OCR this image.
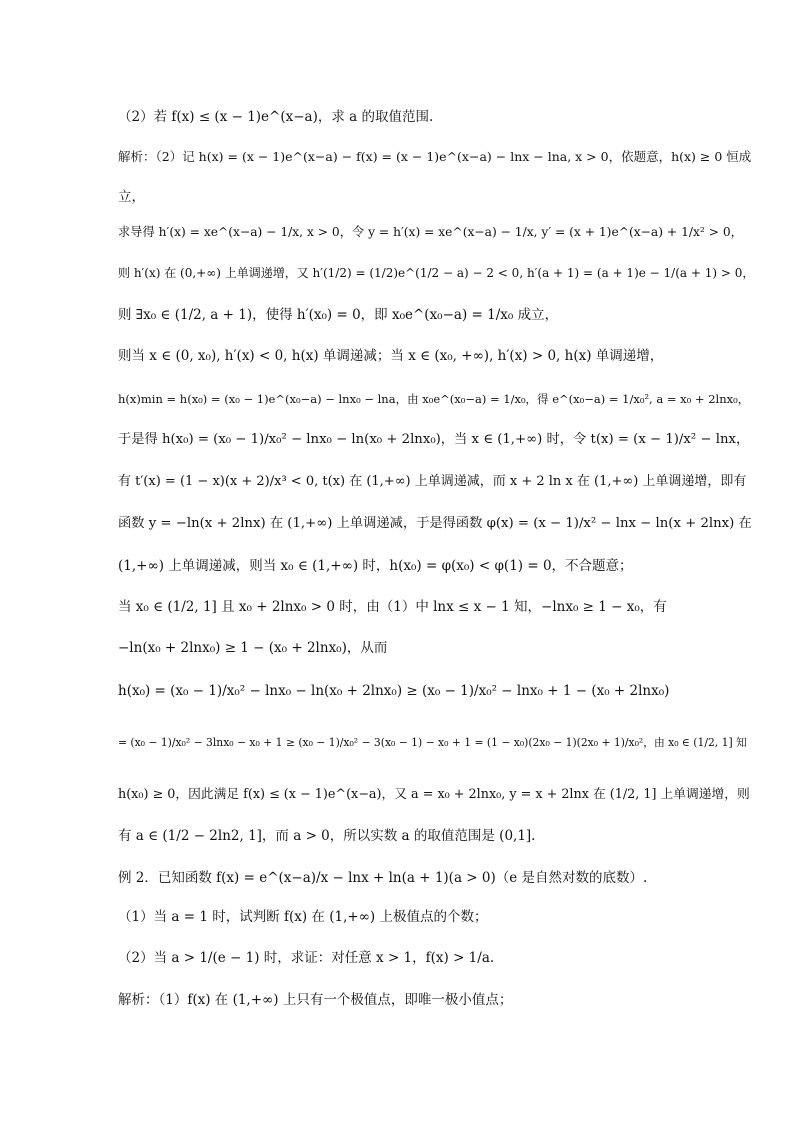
（2）若 f(x) ≤ (x − 1)e^(x−a)，求 a 的取值范围.
解析：（2）记 h(x) = (x − 1)e^(x−a) − f(x) = (x − 1)e^(x−a) − lnx − lna, x > 0，依题意，h(x) ≥ 0 恒成
立，
求导得 h′(x) = xe^(x−a) − 1/x, x > 0，令 y = h′(x) = xe^(x−a) − 1/x, y′ = (x + 1)e^(x−a) + 1/x² > 0，
则 h′(x) 在 (0,+∞) 上单调递增，又 h′(1/2) = (1/2)e^(1/2 − a) − 2 < 0, h′(a + 1) = (a + 1)e − 1/(a + 1) > 0，
则 ∃x₀ ∈ (1/2, a + 1)，使得 h′(x₀) = 0，即 x₀e^(x₀−a) = 1/x₀ 成立，
则当 x ∈ (0, x₀), h′(x) < 0, h(x) 单调递减；当 x ∈ (x₀, +∞), h′(x) > 0, h(x) 单调递增，
h(x)min = h(x₀) = (x₀ − 1)e^(x₀−a) − lnx₀ − lna，由 x₀e^(x₀−a) = 1/x₀，得 e^(x₀−a) = 1/x₀², a = x₀ + 2lnx₀，
于是得 h(x₀) = (x₀ − 1)/x₀² − lnx₀ − ln(x₀ + 2lnx₀)，当 x ∈ (1,+∞) 时，令 t(x) = (x − 1)/x² − lnx，
有 t′(x) = (1 − x)(x + 2)/x³ < 0, t(x) 在 (1,+∞) 上单调递减，而 x + 2 ln x 在 (1,+∞) 上单调递增，即有
函数 y = −ln(x + 2lnx) 在 (1,+∞) 上单调递减，于是得函数 φ(x) = (x − 1)/x² − lnx − ln(x + 2lnx) 在
(1,+∞) 上单调递减，则当 x₀ ∈ (1,+∞) 时，h(x₀) = φ(x₀) < φ(1) = 0，不合题意；
当 x₀ ∈ (1/2, 1] 且 x₀ + 2lnx₀ > 0 时，由（1）中 lnx ≤ x − 1 知，−lnx₀ ≥ 1 − x₀，有
−ln(x₀ + 2lnx₀) ≥ 1 − (x₀ + 2lnx₀)，从而
h(x₀) = (x₀ − 1)/x₀² − lnx₀ − ln(x₀ + 2lnx₀) ≥ (x₀ − 1)/x₀² − lnx₀ + 1 − (x₀ + 2lnx₀)
= (x₀ − 1)/x₀² − 3lnx₀ − x₀ + 1 ≥ (x₀ − 1)/x₀² − 3(x₀ − 1) − x₀ + 1 = (1 − x₀)(2x₀ − 1)(2x₀ + 1)/x₀²，由 x₀ ∈ (1/2, 1] 知
h(x₀) ≥ 0，因此满足 f(x) ≤ (x − 1)e^(x−a)，又 a = x₀ + 2lnx₀, y = x + 2lnx 在 (1/2, 1] 上单调递增，则
有 a ∈ (1/2 − 2ln2, 1]，而 a > 0，所以实数 a 的取值范围是 (0,1].
例 2．已知函数 f(x) = e^(x−a)/x − lnx + ln(a + 1)(a > 0)（e 是自然对数的底数）.
（1）当 a = 1 时，试判断 f(x) 在 (1,+∞) 上极值点的个数；
（2）当 a > 1/(e − 1) 时，求证：对任意 x > 1，f(x) > 1/a.
解析：（1）f(x) 在 (1,+∞) 上只有一个极值点，即唯一极小值点；
